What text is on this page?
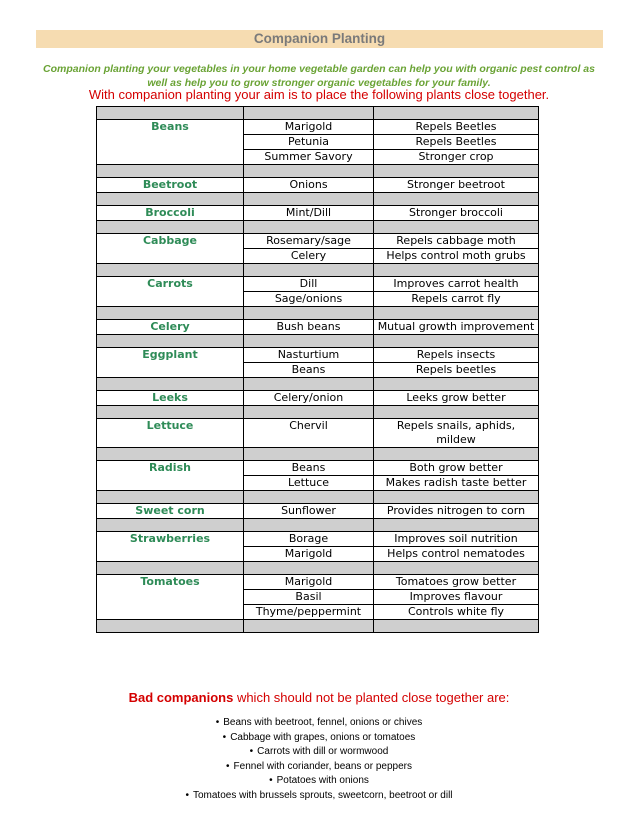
Companion Planting
Companion planting your vegetables in your home vegetable garden can help you with organic pest control as
well as help you to grow stronger organic vegetables for your family.
With companion planting your aim is to place the following plants close together.

Beans	Marigold	Repels Beetles
	Petunia	Repels Beetles
	Summer Savory	Stronger crop

Beetroot	Onions	Stronger beetroot

Broccoli	Mint/Dill	Stronger broccoli

Cabbage	Rosemary/sage	Repels cabbage moth
	Celery	Helps control moth grubs

Carrots	Dill	Improves carrot health
	Sage/onions	Repels carrot fly

Celery	Bush beans	Mutual growth improvement

Eggplant	Nasturtium	Repels insects
	Beans	Repels beetles

Leeks	Celery/onion	Leeks grow better

Lettuce	Chervil	Repels snails, aphids, mildew

Radish	Beans	Both grow better
	Lettuce	Makes radish taste better

Sweet corn	Sunflower	Provides nitrogen to corn

Strawberries	Borage	Improves soil nutrition
	Marigold	Helps control nematodes

Tomatoes	Marigold	Tomatoes grow better
	Basil	Improves flavour
	Thyme/peppermint	Controls white fly

Bad companions which should not be planted close together are:
• Beans with beetroot, fennel, onions or chives
• Cabbage with grapes, onions or tomatoes
• Carrots with dill or wormwood
• Fennel with coriander, beans or peppers
• Potatoes with onions
• Tomatoes with brussels sprouts, sweetcorn, beetroot or dill
